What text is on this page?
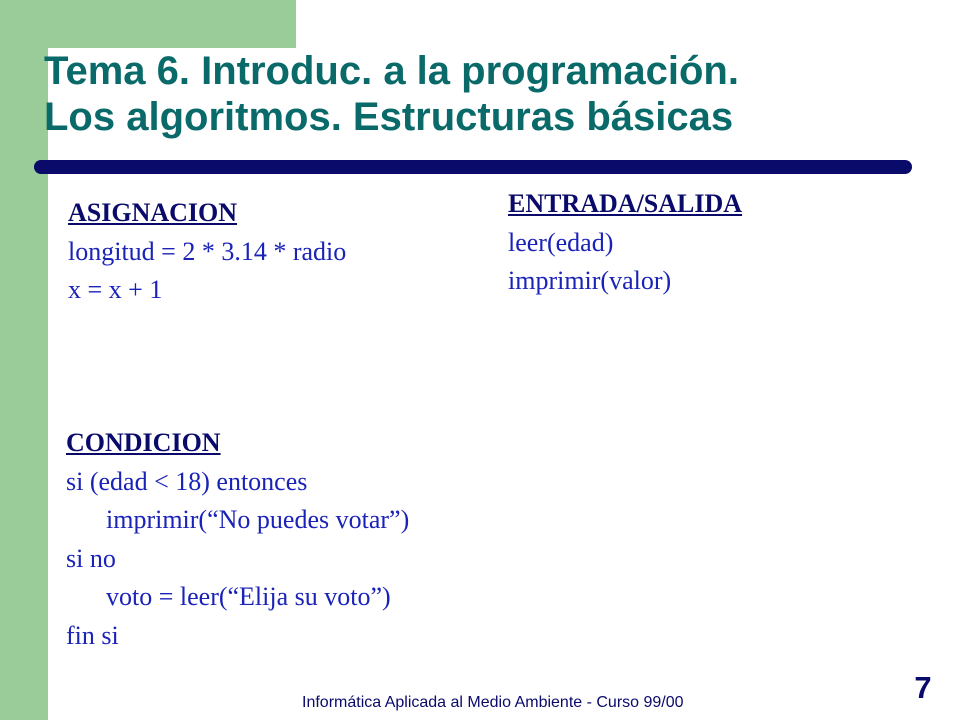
Tema 6. Introduc. a la programación.
Los algoritmos. Estructuras básicas
ASIGNACION
longitud = 2 * 3.14 * radio
x = x + 1
ENTRADA/SALIDA
leer(edad)
imprimir(valor)
CONDICION
si (edad < 18) entonces
imprimir(“No puedes votar”)
si no
voto = leer(“Elija su voto”)
fin si
Informática Aplicada al Medio Ambiente - Curso 99/00	7
